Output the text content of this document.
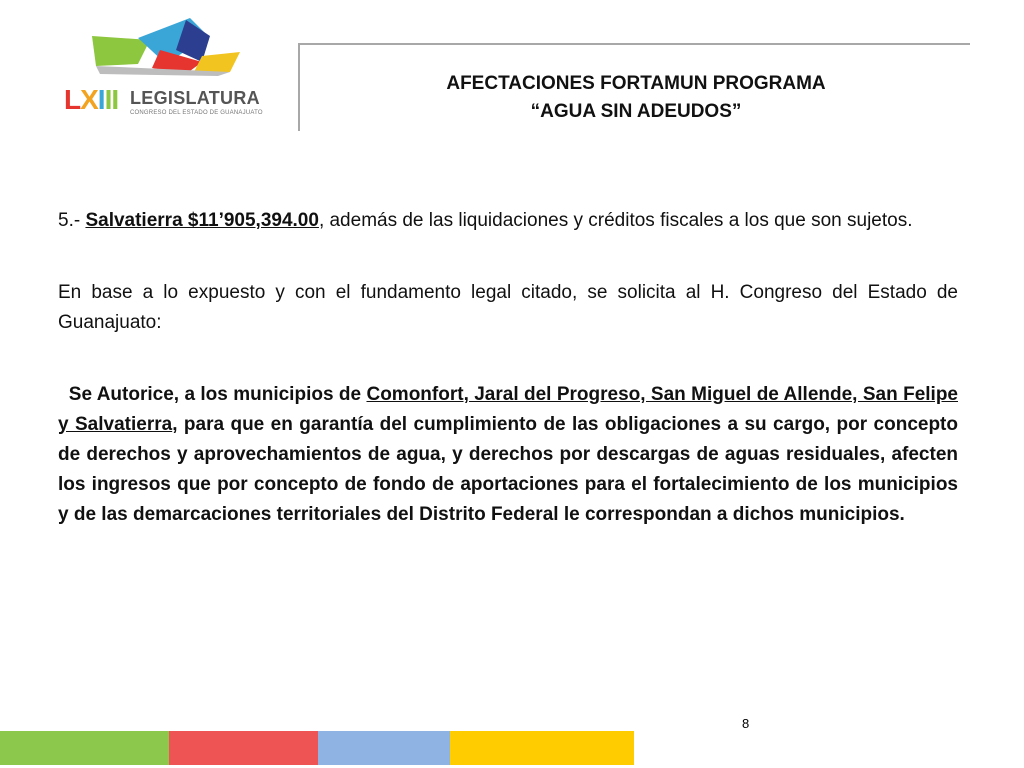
LXIII LEGISLATURA
CONGRESO DEL ESTADO DE GUANAJUATO
AFECTACIONES FORTAMUN PROGRAMA
“AGUA SIN ADEUDOS”

5.- Salvatierra $11’905,394.00, además de las liquidaciones y créditos fiscales a los que son sujetos.

En base a lo expuesto y con el fundamento legal citado, se solicita al H. Congreso del Estado de Guanajuato:

Se Autorice, a los municipios de Comonfort, Jaral del Progreso, San Miguel de Allende, San Felipe y Salvatierra, para que en garantía del cumplimiento de las obligaciones a su cargo, por concepto de derechos y aprovechamientos de agua, y derechos por descargas de aguas residuales, afecten los ingresos que por concepto de fondo de aportaciones para el fortalecimiento de los municipios y de las demarcaciones territoriales del Distrito Federal le correspondan a dichos municipios.

8
